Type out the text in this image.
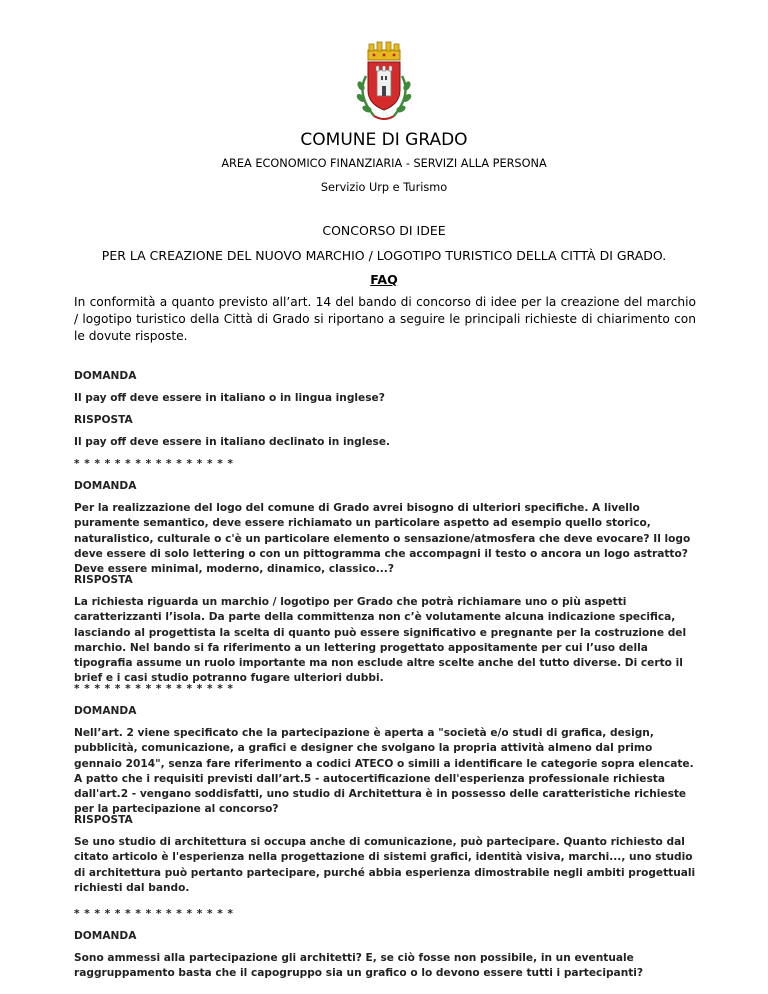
COMUNE DI GRADO
AREA ECONOMICO FINANZIARIA - SERVIZI ALLA PERSONA
Servizio Urp e Turismo
CONCORSO DI IDEE
PER LA CREAZIONE DEL NUOVO MARCHIO / LOGOTIPO TURISTICO DELLA CITTÀ DI GRADO.
FAQ
In conformità a quanto previsto all’art. 14 del bando di concorso di idee per la creazione del marchio / logotipo turistico della Città di Grado si riportano a seguire le principali richieste di chiarimento con le dovute risposte.
DOMANDA
Il pay off deve essere in italiano o in lingua inglese?
RISPOSTA
Il pay off deve essere in italiano declinato in inglese.
* * * * * * * * * * * * * * * *
DOMANDA
Per la realizzazione del logo del comune di Grado avrei bisogno di ulteriori specifiche. A livello puramente semantico, deve essere richiamato un particolare aspetto ad esempio quello storico, naturalistico, culturale o c'è un particolare elemento o sensazione/atmosfera che deve evocare? Il logo deve essere di solo lettering o con un pittogramma che accompagni il testo o ancora un logo astratto? Deve essere minimal, moderno, dinamico, classico...?
RISPOSTA
La richiesta riguarda un marchio / logotipo per Grado che potrà richiamare uno o più aspetti caratterizzanti l’isola. Da parte della committenza non c’è volutamente alcuna indicazione specifica, lasciando al progettista la scelta di quanto può essere significativo e pregnante per la costruzione del marchio. Nel bando si fa riferimento a un lettering progettato appositamente per cui l’uso della tipografia assume un ruolo importante ma non esclude altre scelte anche del tutto diverse. Di certo il brief e i casi studio potranno fugare ulteriori dubbi.
* * * * * * * * * * * * * * * *
DOMANDA
Nell’art. 2 viene specificato che la partecipazione è aperta a "società e/o studi di grafica, design, pubblicità, comunicazione, a grafici e designer che svolgano la propria attività almeno dal primo gennaio 2014", senza fare riferimento a codici ATECO o simili a identificare le categorie sopra elencate. A patto che i requisiti previsti dall’art.5 - autocertificazione dell'esperienza professionale richiesta dall'art.2 - vengano soddisfatti, uno studio di Architettura è in possesso delle caratteristiche richieste per la partecipazione al concorso?
RISPOSTA
Se uno studio di architettura si occupa anche di comunicazione, può partecipare. Quanto richiesto dal citato articolo è l'esperienza nella progettazione di sistemi grafici, identità visiva, marchi..., uno studio di architettura può pertanto partecipare, purché abbia esperienza dimostrabile negli ambiti progettuali richiesti dal bando.
* * * * * * * * * * * * * * * *
DOMANDA
Sono ammessi alla partecipazione gli architetti? E, se ciò fosse non possibile, in un eventuale raggruppamento basta che il capogruppo sia un grafico o lo devono essere tutti i partecipanti?
